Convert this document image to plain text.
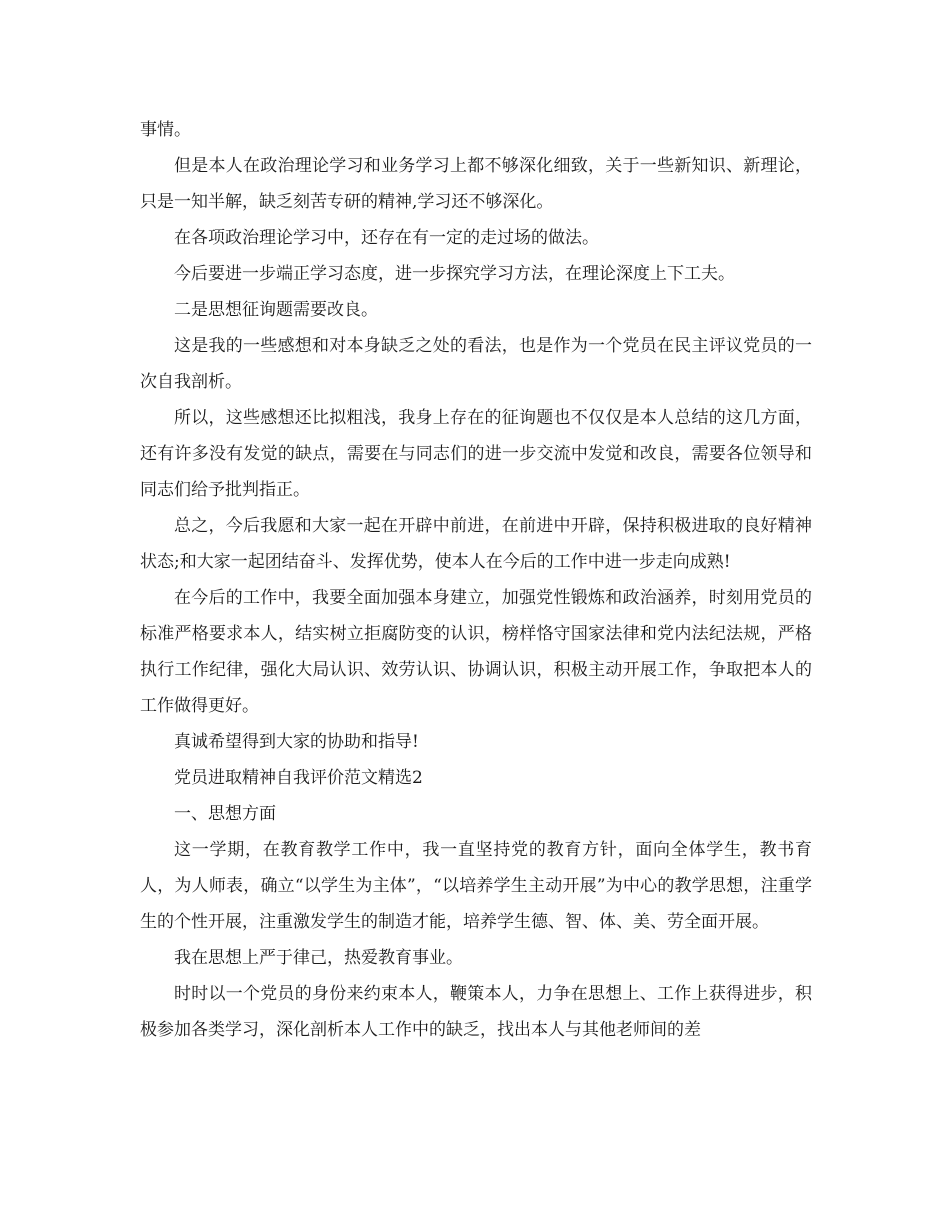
事情。

但是本人在政治理论学习和业务学习上都不够深化细致，关于一些新知识、新理论，只是一知半解，缺乏刻苦专研的精神,学习还不够深化。

在各项政治理论学习中，还存在有一定的走过场的做法。

今后要进一步端正学习态度，进一步探究学习方法，在理论深度上下工夫。

二是思想征询题需要改良。

这是我的一些感想和对本身缺乏之处的看法，也是作为一个党员在民主评议党员的一次自我剖析。

所以，这些感想还比拟粗浅，我身上存在的征询题也不仅仅是本人总结的这几方面，还有许多没有发觉的缺点，需要在与同志们的进一步交流中发觉和改良，需要各位领导和同志们给予批判指正。

总之，今后我愿和大家一起在开辟中前进，在前进中开辟，保持积极进取的良好精神状态;和大家一起团结奋斗、发挥优势，使本人在今后的工作中进一步走向成熟!

在今后的工作中，我要全面加强本身建立，加强党性锻炼和政治涵养，时刻用党员的标准严格要求本人，结实树立拒腐防变的认识，榜样恪守国家法律和党内法纪法规，严格执行工作纪律，强化大局认识、效劳认识、协调认识，积极主动开展工作，争取把本人的工作做得更好。

真诚希望得到大家的协助和指导!

党员进取精神自我评价范文精选2

一、思想方面

这一学期，在教育教学工作中，我一直坚持党的教育方针，面向全体学生，教书育人，为人师表，确立“以学生为主体”，“以培养学生主动开展”为中心的教学思想，注重学生的个性开展，注重激发学生的制造才能，培养学生德、智、体、美、劳全面开展。

我在思想上严于律己，热爱教育事业。

时时以一个党员的身份来约束本人，鞭策本人，力争在思想上、工作上获得进步，积极参加各类学习，深化剖析本人工作中的缺乏，找出本人与其他老师间的差
